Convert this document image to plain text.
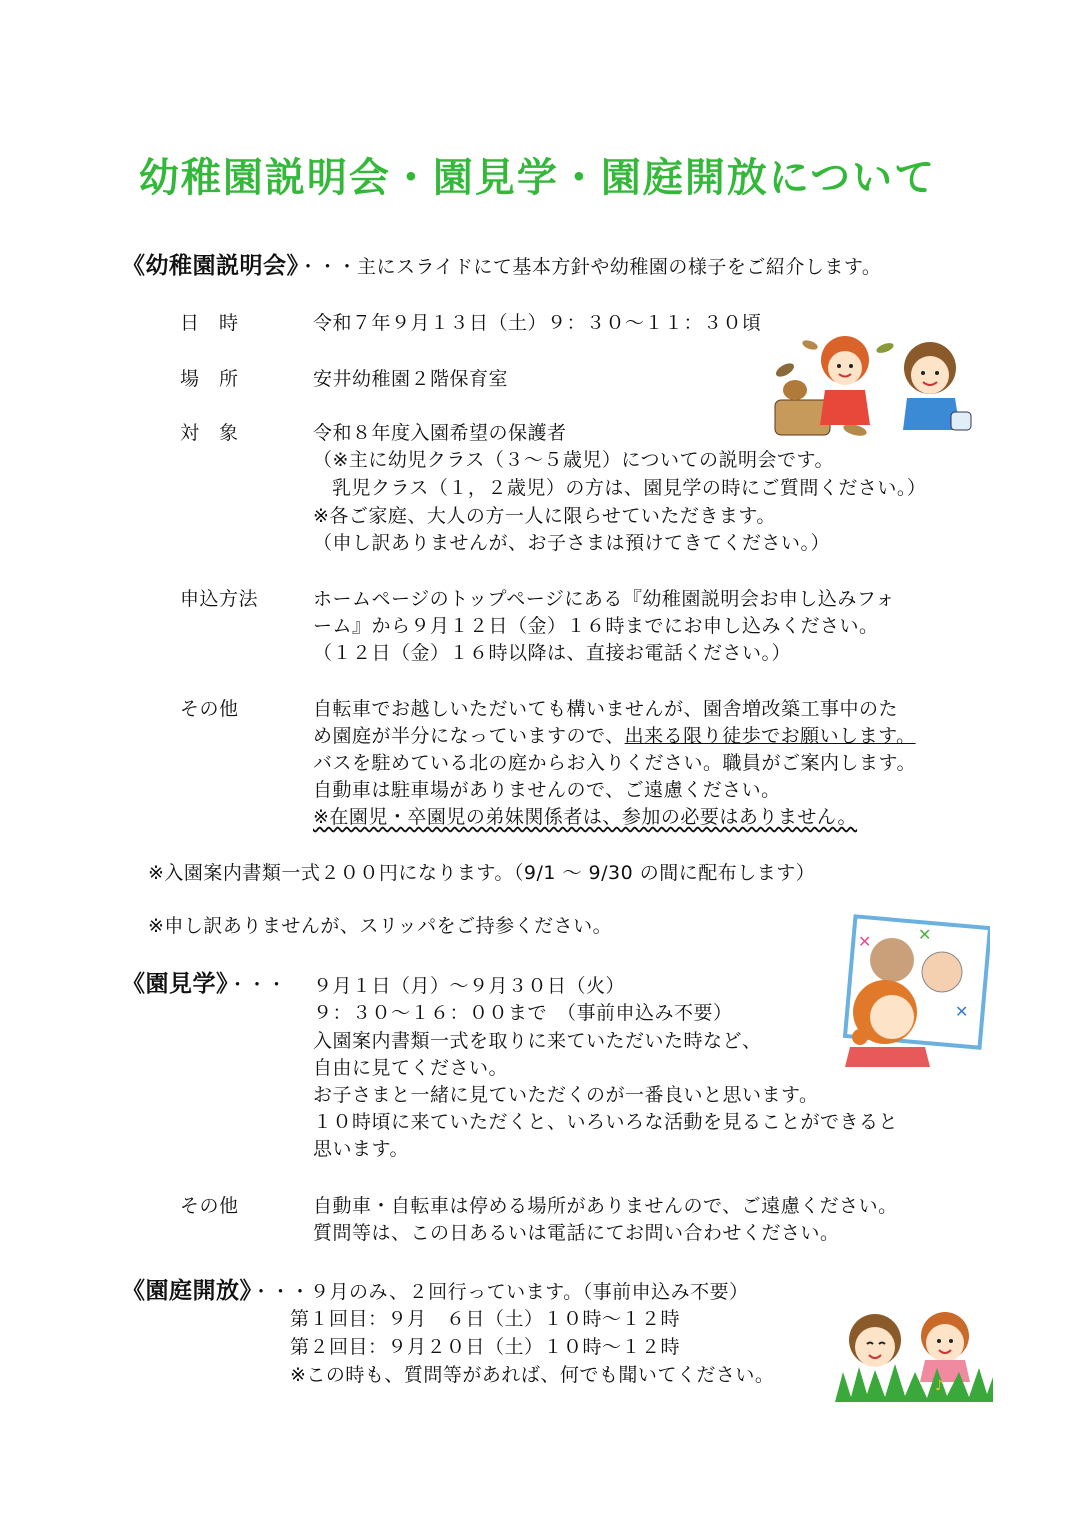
幼稚園説明会・園見学・園庭開放について
《幼稚園説明会》・・・主にスライドにて基本方針や幼稚園の様子をご紹介します。
日　時	令和７年９月１３日（土）９：３０～１１：３０頃
場　所	安井幼稚園２階保育室
対　象	令和８年度入園希望の保護者
（※主に幼児クラス（３～５歳児）についての説明会です。
乳児クラス（１，２歳児）の方は、園見学の時にご質問ください。）
※各ご家庭、大人の方一人に限らせていただきます。
（申し訳ありませんが、お子さまは預けてきてください。）
申込方法	ホームページのトップページにある『幼稚園説明会お申し込みフォ
ーム』から９月１２日（金）１６時までにお申し込みください。
（１２日（金）１６時以降は、直接お電話ください。）
その他	自転車でお越しいただいても構いませんが、園舎増改築工事中のた
め園庭が半分になっていますので、出来る限り徒歩でお願いします。
バスを駐めている北の庭からお入りください。職員がご案内します。
自動車は駐車場がありませんので、ご遠慮ください。
※在園児・卒園児の弟妹関係者は、参加の必要はありません。
※入園案内書類一式２００円になります。（9/1 ～ 9/30 の間に配布します）
※申し訳ありませんが、スリッパをご持参ください。
《園見学》・・・ ９月１日（月）～９月３０日（火）
９：３０～１６：００まで　（事前申込み不要）
入園案内書類一式を取りに来ていただいた時など、
自由に見てください。
お子さまと一緒に見ていただくのが一番良いと思います。
１０時頃に来ていただくと、いろいろな活動を見ることができると
思います。
その他	自動車・自転車は停める場所がありませんので、ご遠慮ください。
質問等は、この日あるいは電話にてお問い合わせください。
《園庭開放》・・・９月のみ、２回行っています。（事前申込み不要）
第１回目：９月　６日（土）１０時～１２時
第２回目：９月２０日（土）１０時～１２時
※この時も、質問等があれば、何でも聞いてください。
✕	✕
✕
♪
